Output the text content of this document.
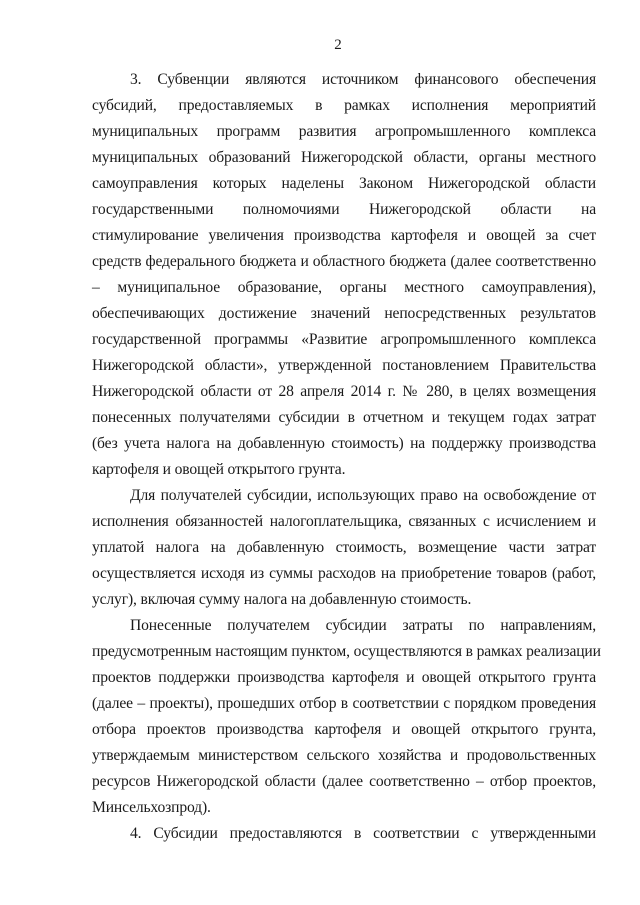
2

3. Субвенции являются источником финансового обеспечения
субсидий, предоставляемых в рамках исполнения мероприятий
муниципальных программ развития агропромышленного комплекса
муниципальных образований Нижегородской области, органы местного
самоуправления которых наделены Законом Нижегородской области
государственными полномочиями Нижегородской области на
стимулирование увеличения производства картофеля и овощей за счет
средств федерального бюджета и областного бюджета (далее соответственно
– муниципальное образование, органы местного самоуправления),
обеспечивающих достижение значений непосредственных результатов
государственной программы «Развитие агропромышленного комплекса
Нижегородской области», утвержденной постановлением Правительства
Нижегородской области от 28 апреля 2014 г. № 280, в целях возмещения
понесенных получателями субсидии в отчетном и текущем годах затрат
(без учета налога на добавленную стоимость) на поддержку производства
картофеля и овощей открытого грунта.

Для получателей субсидии, использующих право на освобождение от
исполнения обязанностей налогоплательщика, связанных с исчислением и
уплатой налога на добавленную стоимость, возмещение части затрат
осуществляется исходя из суммы расходов на приобретение товаров (работ,
услуг), включая сумму налога на добавленную стоимость.

Понесенные получателем субсидии затраты по направлениям,
предусмотренным настоящим пунктом, осуществляются в рамках реализации
проектов поддержки производства картофеля и овощей открытого грунта
(далее – проекты), прошедших отбор в соответствии с порядком проведения
отбора проектов производства картофеля и овощей открытого грунта,
утверждаемым министерством сельского хозяйства и продовольственных
ресурсов Нижегородской области (далее соответственно – отбор проектов,
Минсельхозпрод).

4. Субсидии предоставляются в соответствии с утвержденными
